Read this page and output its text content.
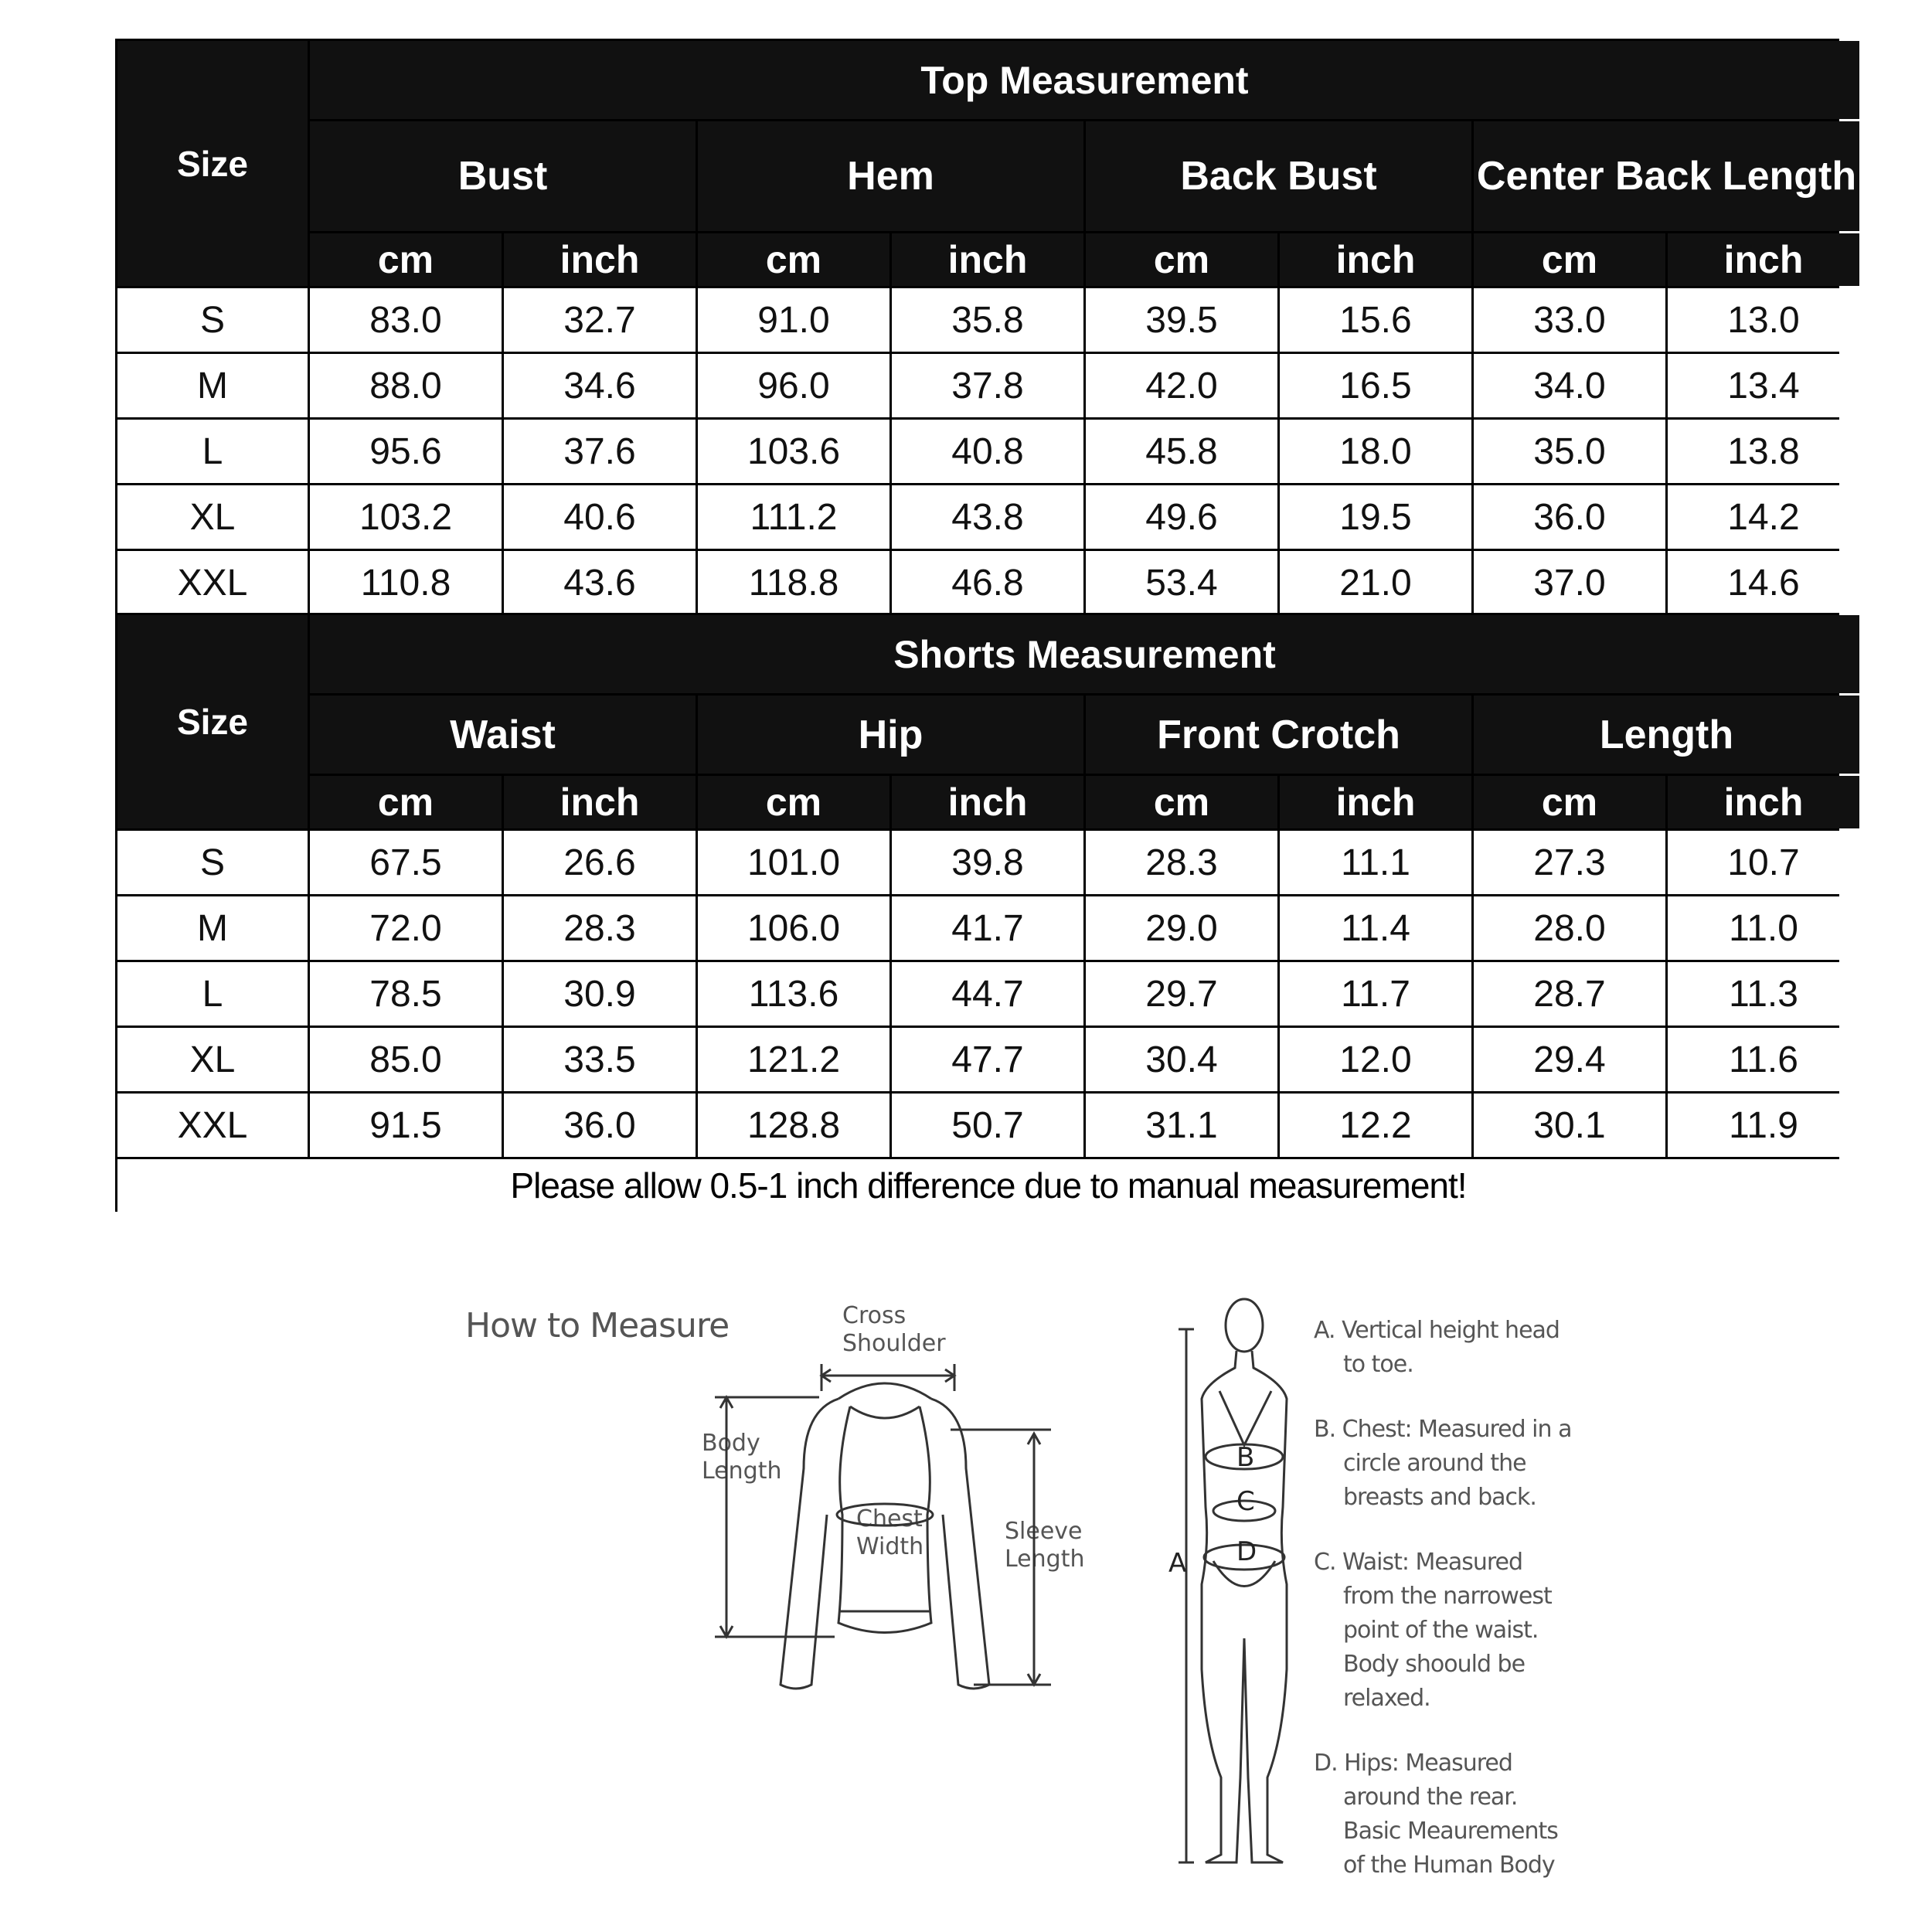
Size
Top Measurement
Bust	Hem	Back Bust	Center Back Length
cm	inch	cm	inch	cm	inch	cm	inch
S	83.0	32.7	91.0	35.8	39.5	15.6	33.0	13.0
M	88.0	34.6	96.0	37.8	42.0	16.5	34.0	13.4
L	95.6	37.6	103.6	40.8	45.8	18.0	35.0	13.8
XL	103.2	40.6	111.2	43.8	49.6	19.5	36.0	14.2
XXL	110.8	43.6	118.8	46.8	53.4	21.0	37.0	14.6
Size
Shorts Measurement
Waist	Hip	Front Crotch	Length
cm	inch	cm	inch	cm	inch	cm	inch
S	67.5	26.6	101.0	39.8	28.3	11.1	27.3	10.7
M	72.0	28.3	106.0	41.7	29.0	11.4	28.0	11.0
L	78.5	30.9	113.6	44.7	29.7	11.7	28.7	11.3
XL	85.0	33.5	121.2	47.7	30.4	12.0	29.4	11.6
XXL	91.5	36.0	128.8	50.7	31.1	12.2	30.1	11.9
Please allow 0.5-1 inch difference due to manual measurement!
How to Measure	Cross
Shoulder
Body
Length
Chest
Width
Sleeve
Length	A
B
C
D
A. Vertical height head
to toe.
B. Chest: Measured in a
circle around the
breasts and back.
C. Waist: Measured
from the narrowest
point of the waist.
Body shoould be
relaxed.
D. Hips: Measured
around the rear.
Basic Meaurements
of the Human Body
